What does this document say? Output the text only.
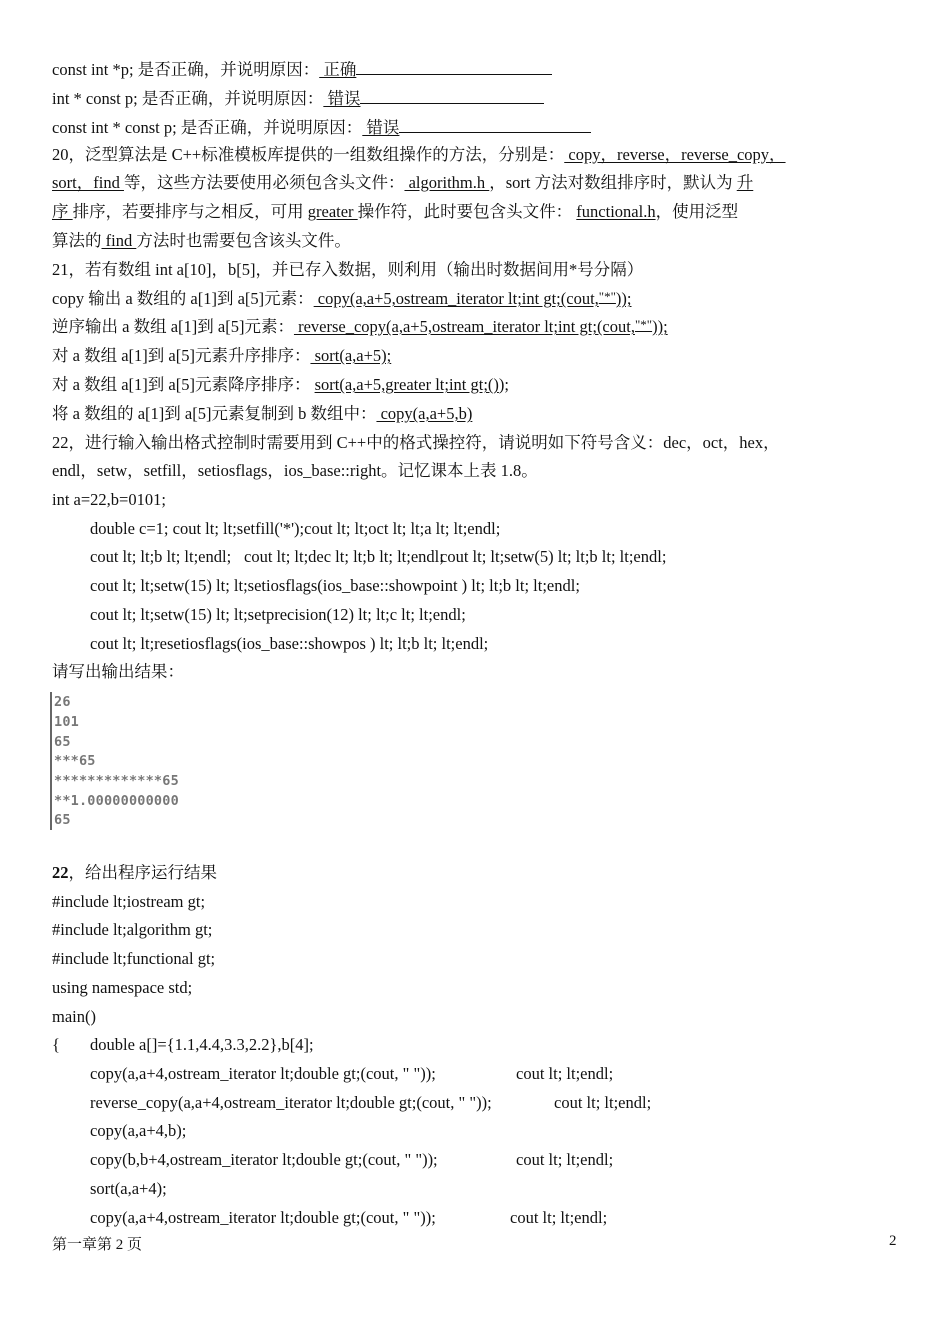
const int *p; 是否正确，并说明原因： 正确
int * const p; 是否正确，并说明原因： 错误
const int * const p; 是否正确，并说明原因： 错误
20，泛型算法是 C++标准模板库提供的一组数组操作的方法，分别是： copy，reverse，reverse_copy，
sort，find 等，这些方法要使用必须包含头文件： algorithm.h ，sort 方法对数组排序时，默认为 升
序 排序，若要排序与之相反，可用 greater 操作符，此时要包含头文件： functional.h，使用泛型
算法的 find 方法时也需要包含该头文件。
21，若有数组 int a[10]，b[5]，并已存入数据，则利用（输出时数据间用*号分隔）
copy 输出 a 数组的 a[1]到 a[5]元素： copy(a,a+5,ostream_iterator lt;int gt;(cout,"*"));
逆序输出 a 数组 a[1]到 a[5]元素： reverse_copy(a,a+5,ostream_iterator lt;int gt;(cout,"*"));
对 a 数组 a[1]到 a[5]元素升序排序： sort(a,a+5);
对 a 数组 a[1]到 a[5]元素降序排序： sort(a,a+5,greater lt;int gt;());
将 a 数组的 a[1]到 a[5]元素复制到 b 数组中： copy(a,a+5,b)
22，进行输入输出格式控制时需要用到 C++中的格式操控符，请说明如下符号含义：dec，oct，hex，
endl，setw，setfill，setiosflags，ios_base::right。记忆课本上表 1.8。
int a=22,b=0101;
double c=1; cout lt; lt;setfill('*');cout lt; lt;oct lt; lt;a lt; lt;endl;
cout lt; lt;b lt; lt;endl; cout lt; lt;dec lt; lt;b lt; lt;endl;
cout lt; lt;setw(5) lt; lt;b lt; lt;endl;
cout lt; lt;setw(15) lt; lt;setiosflags(ios_base::showpoint ) lt; lt;b lt; lt;endl;
cout lt; lt;setw(15) lt; lt;setprecision(12) lt; lt;c lt; lt;endl;
cout lt; lt;resetiosflags(ios_base::showpos ) lt; lt;b lt; lt;endl;
请写出输出结果：
26
101
65
***65
*************65
**1.00000000000
65
22，给出程序运行结果
#include lt;iostream gt;
#include lt;algorithm gt;
#include lt;functional gt;
using namespace std;
main()
{ double a[]={1.1,4.4,3.3,2.2},b[4];
copy(a,a+4,ostream_iterator lt;double gt;(cout, " "));	cout lt; lt;endl;
reverse_copy(a,a+4,ostream_iterator lt;double gt;(cout, " "));	cout lt; lt;endl;
copy(a,a+4,b);
copy(b,b+4,ostream_iterator lt;double gt;(cout, " "));	cout lt; lt;endl;
sort(a,a+4);
copy(a,a+4,ostream_iterator lt;double gt;(cout, " "));	cout lt; lt;endl;
第一章第 2 页	2
